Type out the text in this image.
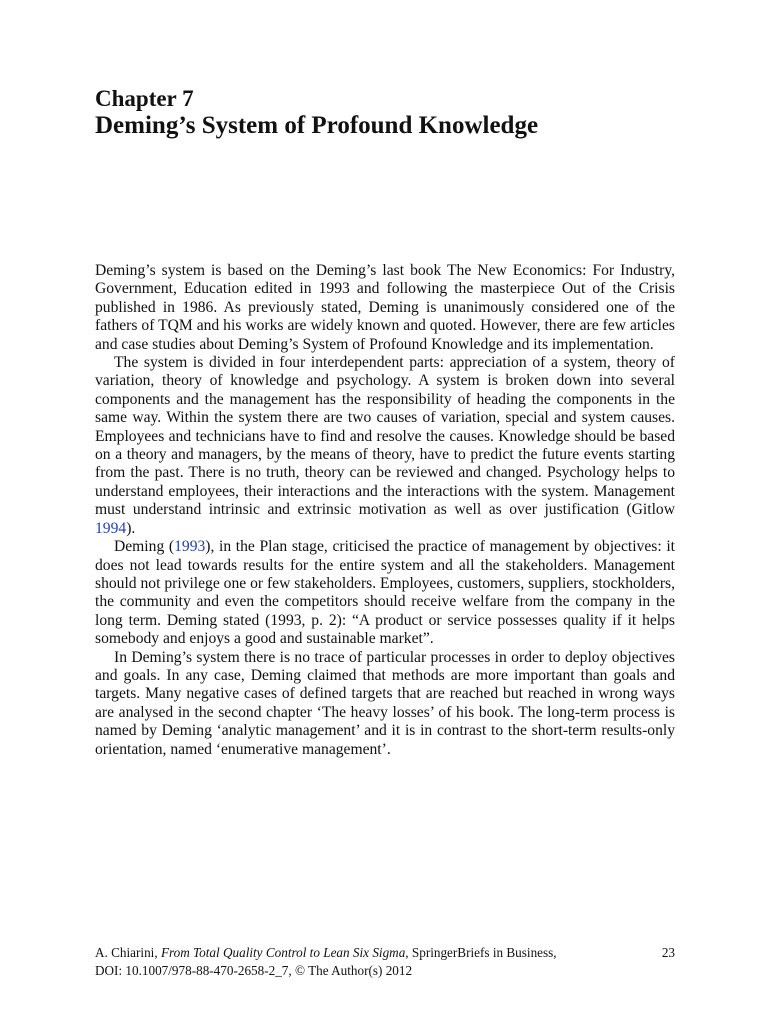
Chapter 7
Deming’s System of Profound Knowledge

Deming’s system is based on the Deming’s last book The New Economics: For Industry, Government, Education edited in 1993 and following the masterpiece Out of the Crisis published in 1986. As previously stated, Deming is unanimously considered one of the fathers of TQM and his works are widely known and quoted. However, there are few articles and case studies about Deming’s System of Profound Knowledge and its implementation.

The system is divided in four interdependent parts: appreciation of a system, theory of variation, theory of knowledge and psychology. A system is broken down into several components and the management has the responsibility of heading the components in the same way. Within the system there are two causes of variation, special and system causes. Employees and technicians have to find and resolve the causes. Knowledge should be based on a theory and managers, by the means of theory, have to predict the future events starting from the past. There is no truth, theory can be reviewed and changed. Psychology helps to understand employees, their interactions and the interactions with the system. Management must understand intrinsic and extrinsic motivation as well as over justification (Gitlow 1994).

Deming (1993), in the Plan stage, criticised the practice of management by objectives: it does not lead towards results for the entire system and all the stakeholders. Management should not privilege one or few stakeholders. Employees, customers, suppliers, stockholders, the community and even the competitors should receive welfare from the company in the long term. Deming stated (1993, p. 2): “A product or service possesses quality if it helps somebody and enjoys a good and sustainable market”.

In Deming’s system there is no trace of particular processes in order to deploy objectives and goals. In any case, Deming claimed that methods are more important than goals and targets. Many negative cases of defined targets that are reached but reached in wrong ways are analysed in the second chapter ‘The heavy losses’ of his book. The long-term process is named by Deming ‘analytic management’ and it is in contrast to the short-term results-only orientation, named ‘enumerative management’.

A. Chiarini, From Total Quality Control to Lean Six Sigma, SpringerBriefs in Business,
DOI: 10.1007/978-88-470-2658-2_7, © The Author(s) 2012
23
